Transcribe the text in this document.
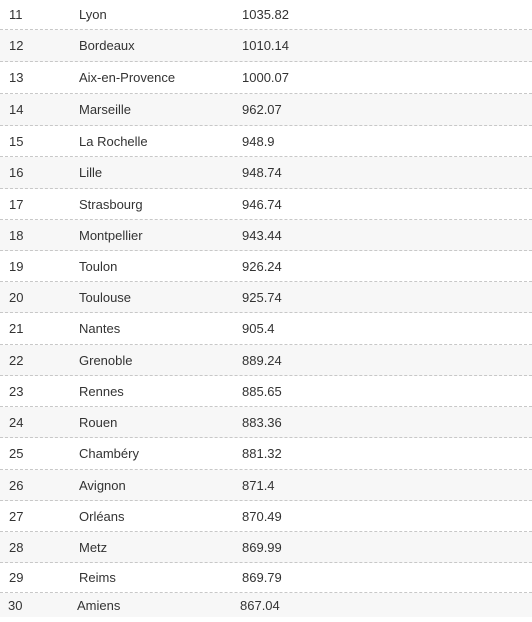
11	Lyon	1035.82
12	Bordeaux	1010.14
13	Aix-en-Provence	1000.07
14	Marseille	962.07
15	La Rochelle	948.9
16	Lille	948.74
17	Strasbourg	946.74
18	Montpellier	943.44
19	Toulon	926.24
20	Toulouse	925.74
21	Nantes	905.4
22	Grenoble	889.24
23	Rennes	885.65
24	Rouen	883.36
25	Chambéry	881.32
26	Avignon	871.4
27	Orléans	870.49
28	Metz	869.99
29	Reims	869.79
30	Amiens	867.04
